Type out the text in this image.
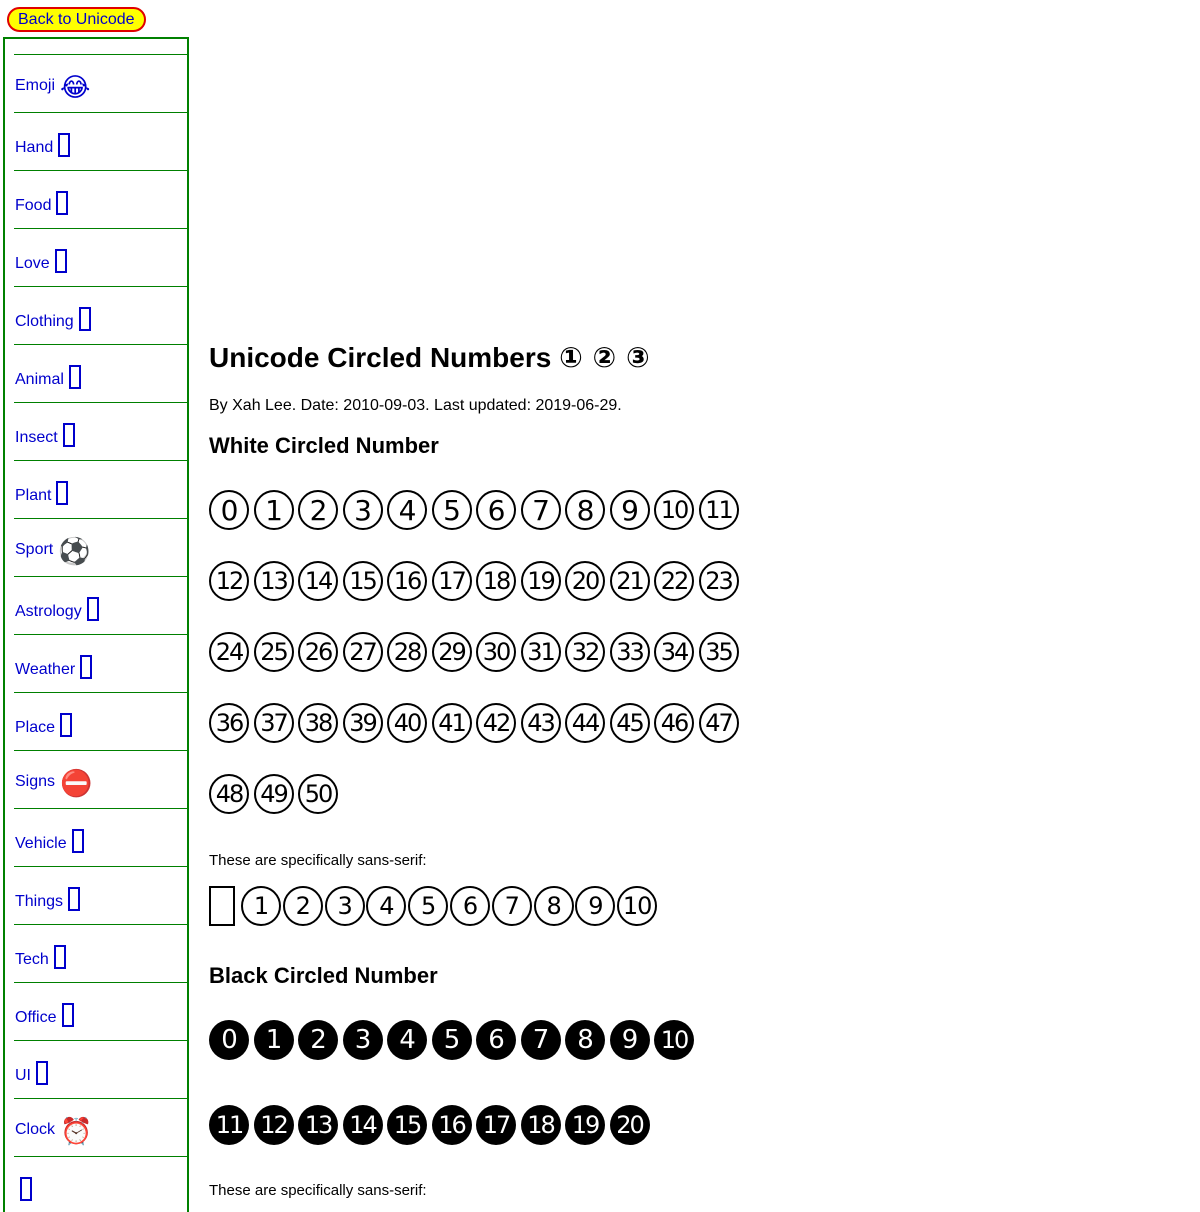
Back to Unicode
Emoji 😂
Hand
Food
Love
Clothing
Animal
Insect
Plant
Sport ⚽
Astrology
Weather
Place
Signs ⛔
Vehicle
Things
Tech
Office
UI
Clock ⏰
Unicode Circled Numbers ① ② ③
By Xah Lee. Date: 2010-09-03. Last updated: 2019-06-29.
White Circled Number
0 1 2 3 4 5 6 7 8 9 10 11
12 13 14 15 16 17 18 19 20 21 22 23
24 25 26 27 28 29 30 31 32 33 34 35
36 37 38 39 40 41 42 43 44 45 46 47
48 49 50
These are specifically sans-serif:
1	2	3	4	5	6	7	8	9 10
Black Circled Number
0	1	2	3	4	5	6	7	8	9 10
11 12 13 14 15 16 17 18 19 20
These are specifically sans-serif:
